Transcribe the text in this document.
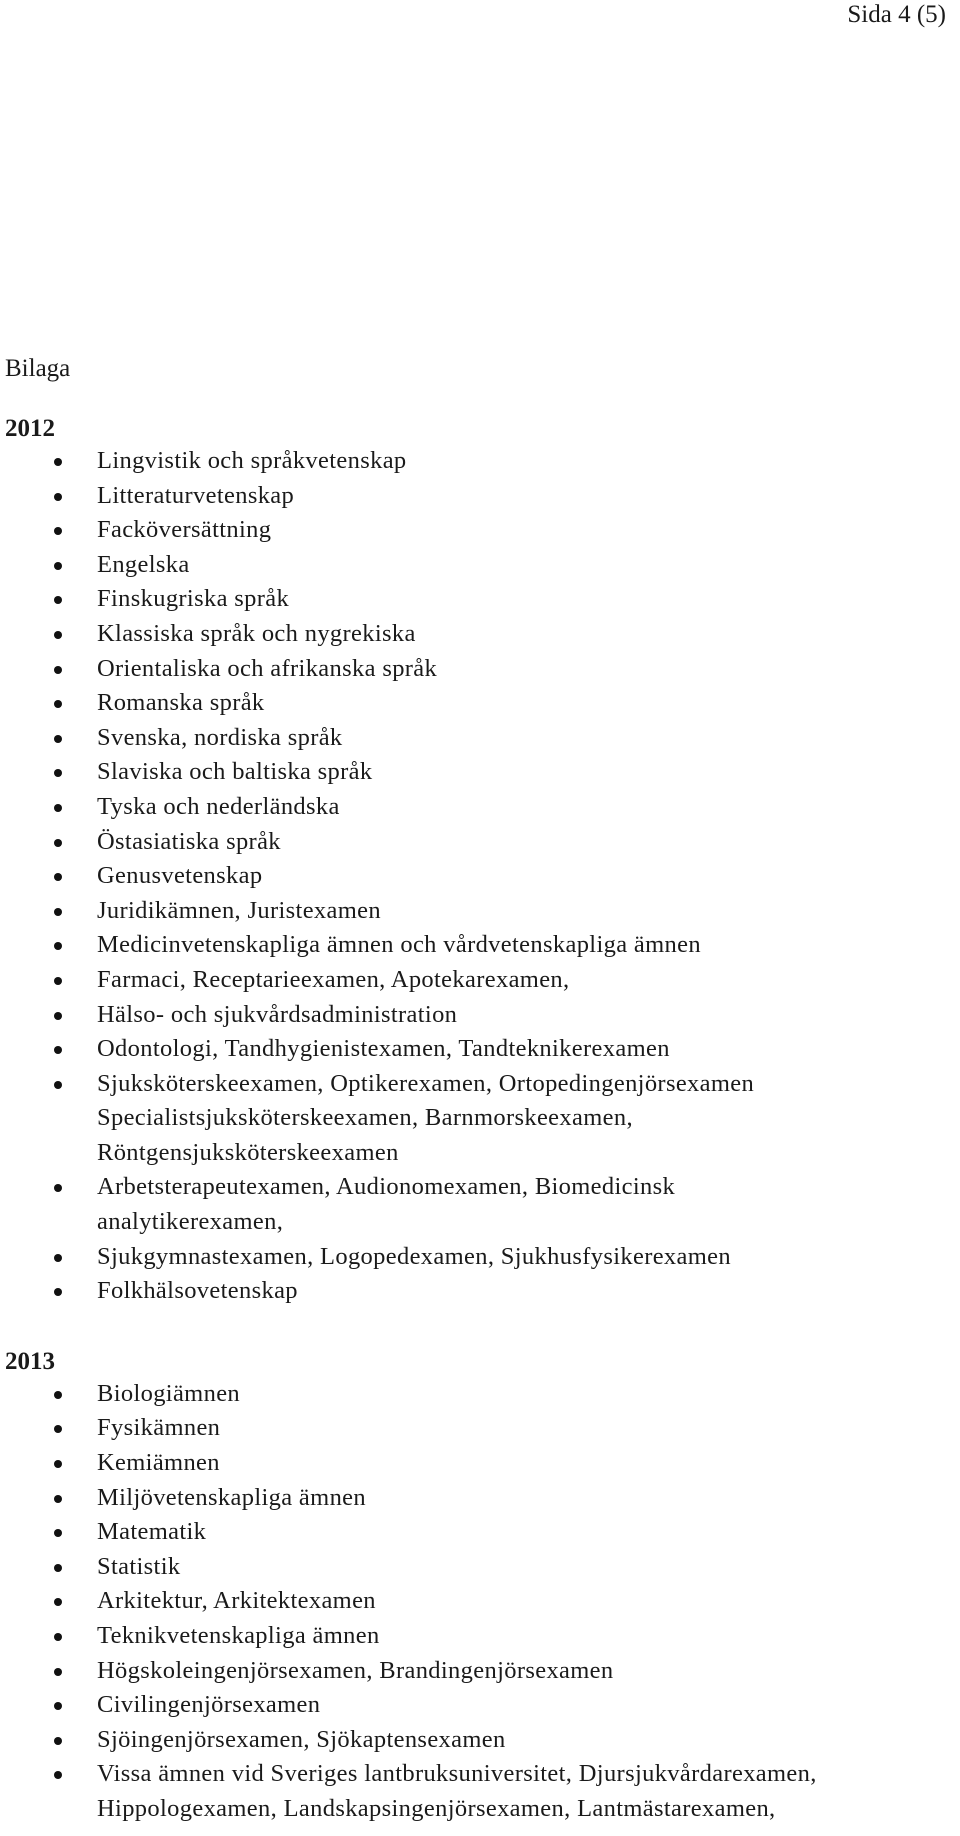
Sida 4 (5)

Bilaga

2012

Lingvistik och språkvetenskap
Litteraturvetenskap
Facköversättning
Engelska
Finskugriska språk
Klassiska språk och nygrekiska
Orientaliska och afrikanska språk
Romanska språk
Svenska, nordiska språk
Slaviska och baltiska språk
Tyska och nederländska
Östasiatiska språk
Genusvetenskap
Juridikämnen, Juristexamen
Medicinvetenskapliga ämnen och vårdvetenskapliga ämnen
Farmaci, Receptarieexamen, Apotekarexamen,
Hälso- och sjukvårdsadministration
Odontologi, Tandhygienistexamen, Tandteknikerexamen
Sjuksköterskeexamen, Optikerexamen, Ortopedingenjörsexamen
Specialistsjuksköterskeexamen, Barnmorskeexamen,
Röntgensjuksköterskeexamen
Arbetsterapeutexamen, Audionomexamen, Biomedicinsk
analytikerexamen,
Sjukgymnastexamen, Logopedexamen, Sjukhusfysikerexamen
Folkhälsovetenskap

2013

Biologiämnen
Fysikämnen
Kemiämnen
Miljövetenskapliga ämnen
Matematik
Statistik
Arkitektur, Arkitektexamen
Teknikvetenskapliga ämnen
Högskoleingenjörsexamen, Brandingenjörsexamen
Civilingenjörsexamen
Sjöingenjörsexamen, Sjökaptensexamen
Vissa ämnen vid Sveriges lantbruksuniversitet, Djursjukvårdarexamen,
Hippologexamen, Landskapsingenjörsexamen, Lantmästarexamen,
